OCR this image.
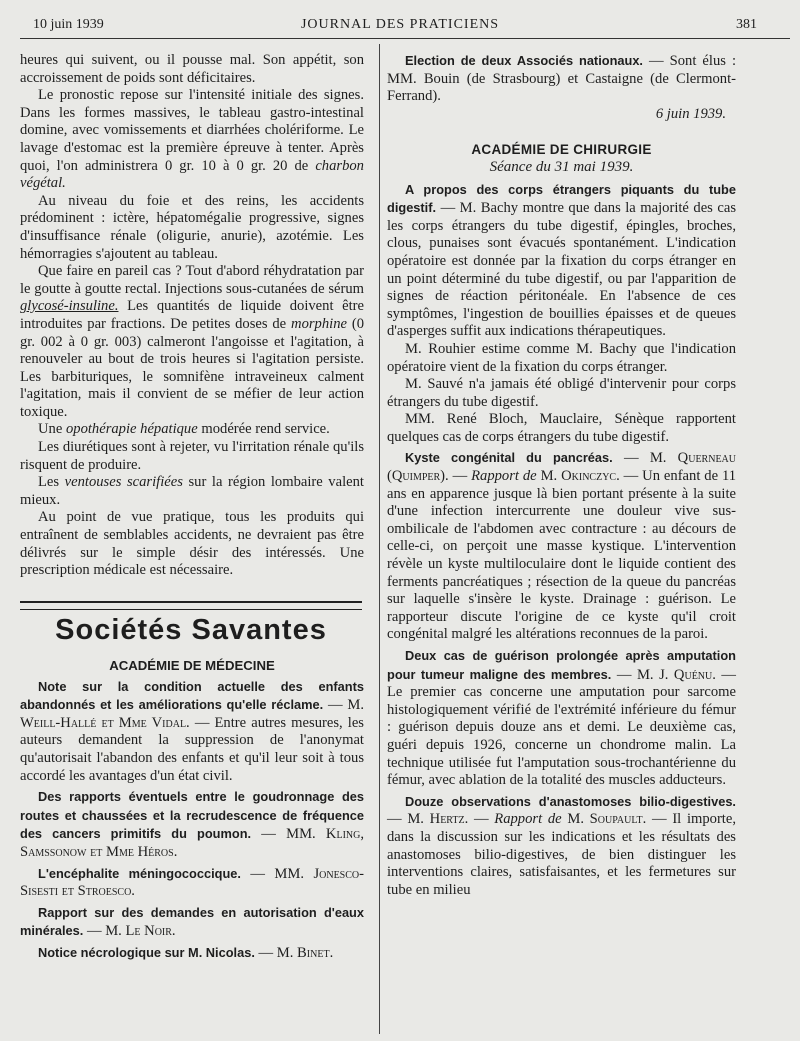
10 juin 1939	JOURNAL DES PRATICIENS	381

heures qui suivent, ou il pousse mal. Son appétit, son accroissement de poids sont déficitaires.

Le pronostic repose sur l'intensité initiale des signes. Dans les formes massives, le tableau gastro-intestinal domine, avec vomissements et diarrhées cholériforme. Le lavage d'estomac est la première épreuve à tenter. Après quoi, l'on administrera 0 gr. 10 à 0 gr. 20 de charbon végétal.

Au niveau du foie et des reins, les accidents prédominent : ictère, hépatomégalie progressive, signes d'insuffisance rénale (oligurie, anurie), azotémie. Les hémorragies s'ajoutent au tableau.

Que faire en pareil cas ? Tout d'abord réhydratation par le goutte à goutte rectal. Injections sous-cutanées de sérum glycosé-insuline. Les quantités de liquide doivent être introduites par fractions. De petites doses de morphine (0 gr. 002 à 0 gr. 003) calmeront l'angoisse et l'agitation, à renouveler au bout de trois heures si l'agitation persiste. Les barbituriques, le somnifène intraveineux calment l'agitation, mais il convient de se méfier de leur action toxique.

Une opothérapie hépatique modérée rend service.

Les diurétiques sont à rejeter, vu l'irritation rénale qu'ils risquent de produire.

Les ventouses scarifiées sur la région lombaire valent mieux.

Au point de vue pratique, tous les produits qui entraînent de semblables accidents, ne devraient pas être délivrés sur le simple désir des intéressés. Une prescription médicale est nécessaire.

Sociétés Savantes
ACADÉMIE DE MÉDECINE

Note sur la condition actuelle des enfants abandonnés et les améliorations qu'elle réclame. — M. Weill-Hallé et Mme Vidal. — Entre autres mesures, les auteurs demandent la suppression de l'anonymat qu'autorisait l'abandon des enfants et qu'il leur soit à tous accordé les avantages d'un état civil.

Des rapports éventuels entre le goudronnage des routes et chaussées et la recrudescence de fréquence des cancers primitifs du poumon. — MM. Kling, Samssonow et Mme Héros.

L'encéphalite méningococcique. — MM. Jonesco-Sisesti et Stroesco.

Rapport sur des demandes en autorisation d'eaux minérales. — M. Le Noir.

Notice nécrologique sur M. Nicolas. — M. Binet.

Election de deux Associés nationaux. — Sont élus : MM. Bouin (de Strasbourg) et Castaigne (de Clermont-Ferrand).

6 juin 1939.

ACADÉMIE DE CHIRURGIE
Séance du 31 mai 1939.

A propos des corps étrangers piquants du tube digestif. — M. Bachy montre que dans la majorité des cas les corps étrangers du tube digestif, épingles, broches, clous, punaises sont évacués spontanément. L'indication opératoire est donnée par la fixation du corps étranger en un point déterminé du tube digestif, ou par l'apparition de signes de réaction péritonéale. En l'absence de ces symptômes, l'ingestion de bouillies épaisses et de queues d'asperges suffit aux indications thérapeutiques.

M. Rouhier estime comme M. Bachy que l'indication opératoire vient de la fixation du corps étranger.

M. Sauvé n'a jamais été obligé d'intervenir pour corps étrangers du tube digestif.

MM. René Bloch, Mauclaire, Sénèque rapportent quelques cas de corps étrangers du tube digestif.

Kyste congénital du pancréas. — M. Querneau (Quimper). — Rapport de M. Okinczyc. — Un enfant de 11 ans en apparence jusque là bien portant présente à la suite d'une infection intercurrente une douleur vive sus-ombilicale de l'abdomen avec contracture : au décours de celle-ci, on perçoit une masse kystique. L'intervention révèle un kyste multiloculaire dont le liquide contient des ferments pancréatiques ; résection de la queue du pancréas sur laquelle s'insère le kyste. Drainage : guérison. Le rapporteur discute l'origine de ce kyste qu'il croit congénital malgré les altérations reconnues de la paroi.

Deux cas de guérison prolongée après amputation pour tumeur maligne des membres. — M. J. Quénu. — Le premier cas concerne une amputation pour sarcome histologiquement vérifié de l'extrémité inférieure du fémur : guérison depuis douze ans et demi. Le deuxième cas, guéri depuis 1926, concerne un chondrome malin. La technique utilisée fut l'amputation sous-trochantérienne du fémur, avec ablation de la totalité des muscles adducteurs.

Douze observations d'anastomoses bilio-digestives. — M. Hertz. — Rapport de M. Soupault. — Il importe, dans la discussion sur les indications et les résultats des anastomoses bilio-digestives, de bien distinguer les interventions claires, satisfaisantes, et les fermetures sur tube en milieu
